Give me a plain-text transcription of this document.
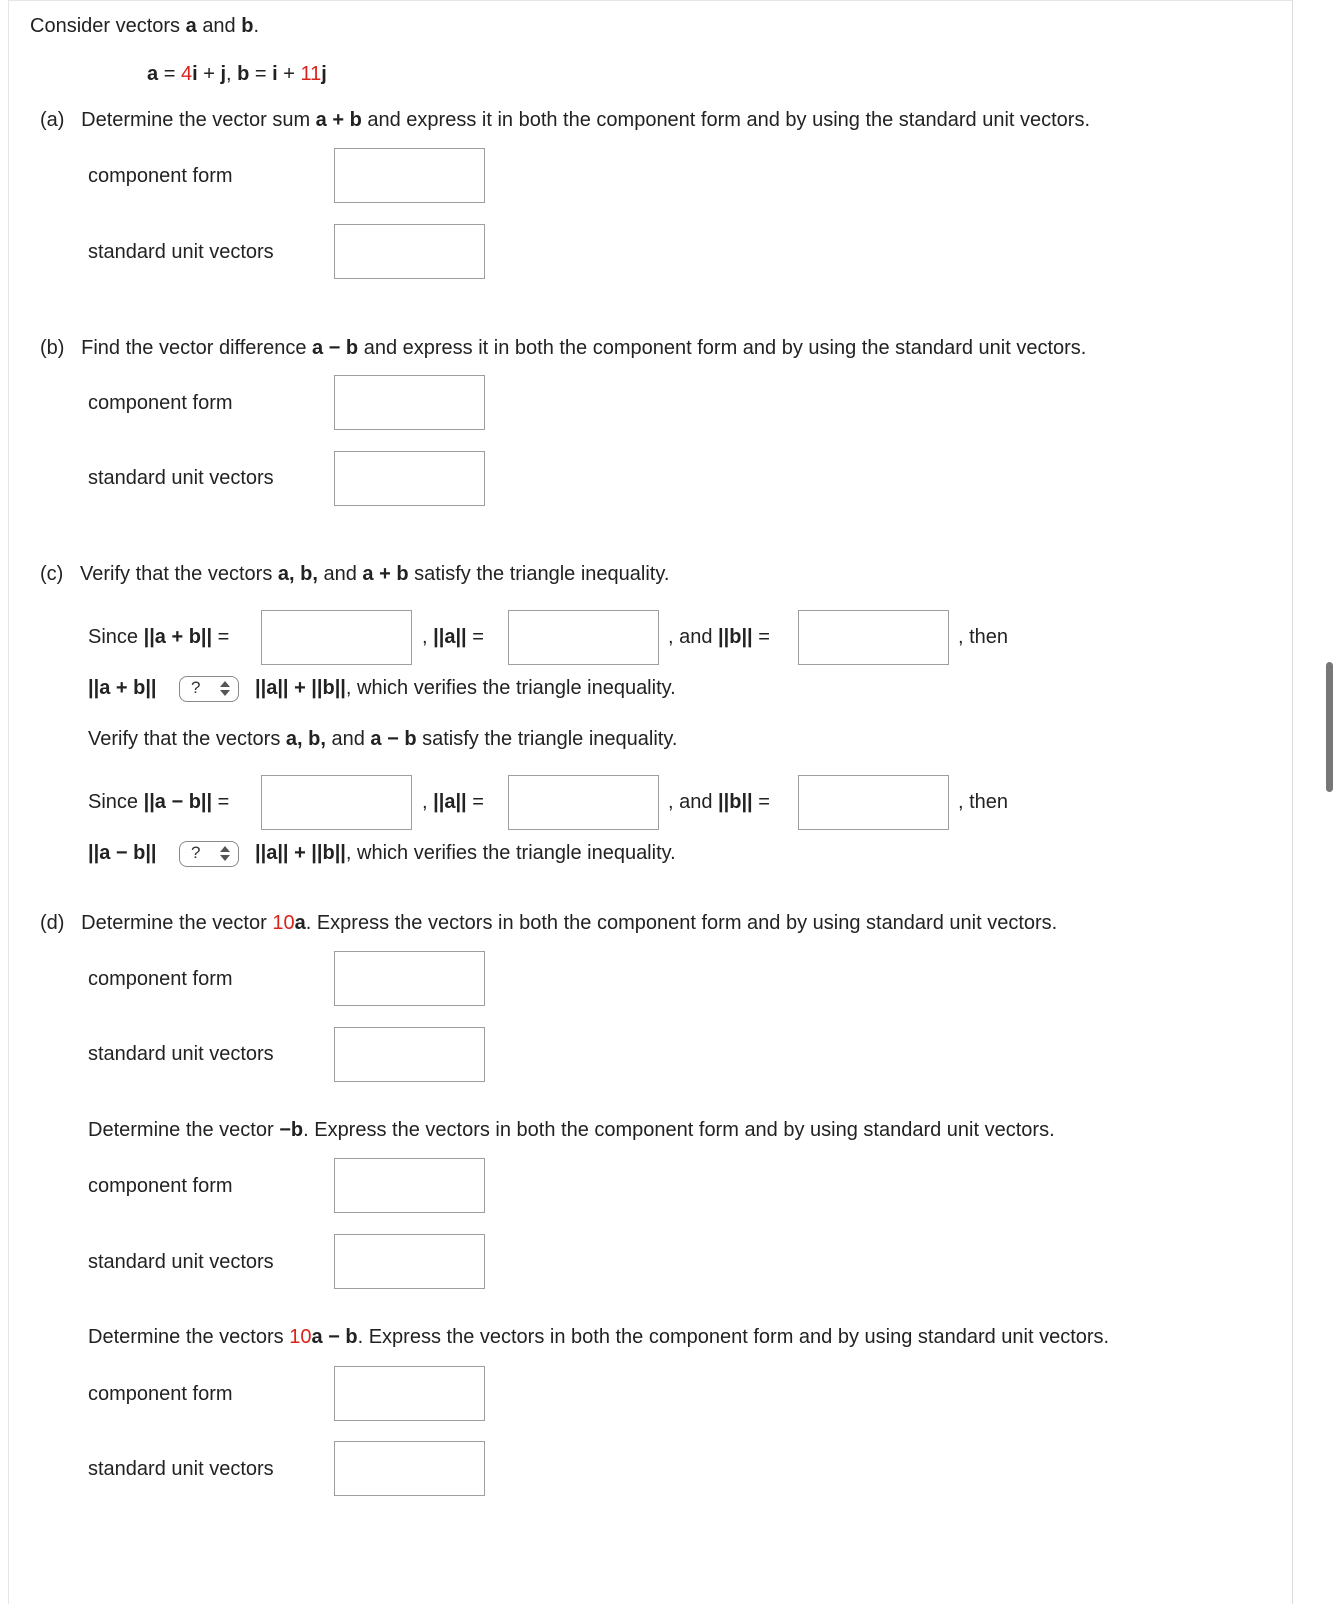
Consider vectors a and b.
a = 4i + j, b = i + 11j
(a) Determine the vector sum a + b and express it in both the component form and by using the standard unit vectors.
component form
standard unit vectors
(b) Find the vector difference a − b and express it in both the component form and by using the standard unit vectors.
component form
standard unit vectors
(c) Verify that the vectors a, b, and a + b satisfy the triangle inequality.
Since ||a + b|| =	, ||a|| =	, and ||b|| =	, then
||a + b|| ?	||a|| + ||b||, which verifies the triangle inequality.
Verify that the vectors a, b, and a − b satisfy the triangle inequality.
Since ||a − b|| =	, ||a|| =	, and ||b|| =	, then
||a − b|| ?	||a|| + ||b||, which verifies the triangle inequality.
(d) Determine the vector 10a. Express the vectors in both the component form and by using standard unit vectors.
component form
standard unit vectors
Determine the vector −b. Express the vectors in both the component form and by using standard unit vectors.
component form
standard unit vectors
Determine the vectors 10a − b. Express the vectors in both the component form and by using standard unit vectors.
component form
standard unit vectors
